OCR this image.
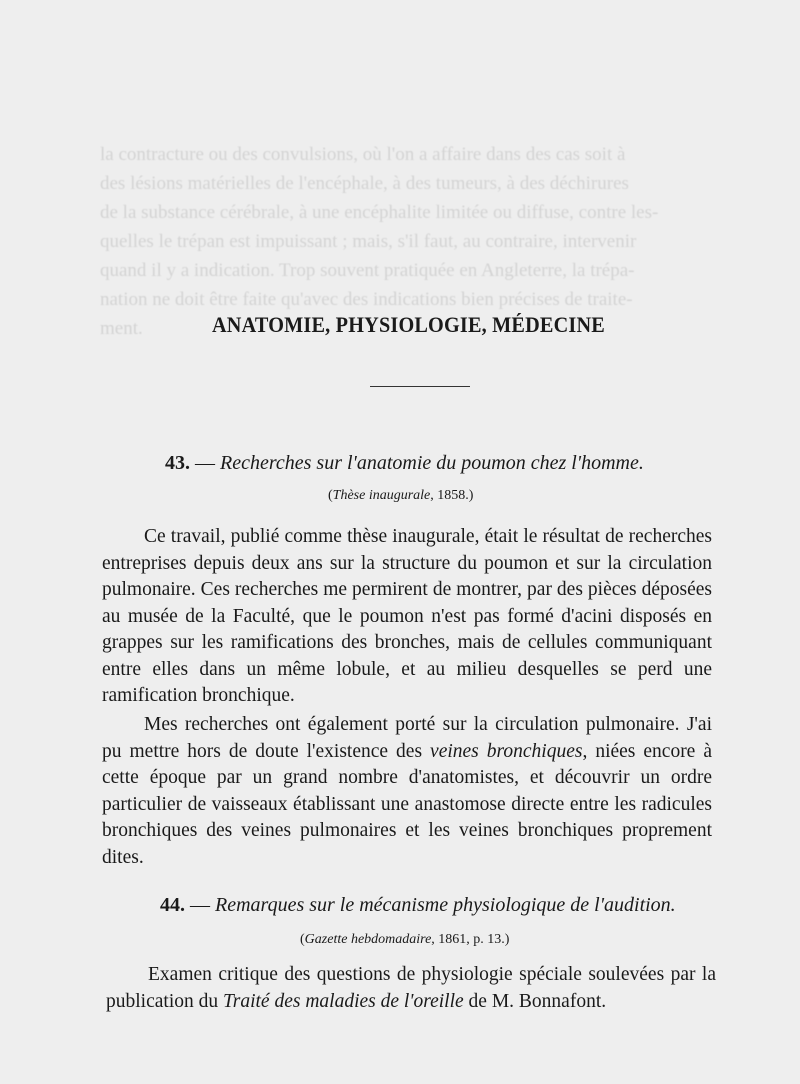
la contracture ou des convulsions, où l'on a affaire dans des cas soit à
des lésions matérielles de l'encéphale, à des tumeurs, à des déchirures
de la substance cérébrale, à une encéphalite limitée ou diffuse, contre les-
quelles le trépan est impuissant ; mais, s'il faut, au contraire, intervenir
quand il y a indication. Trop souvent pratiquée en Angleterre, la trépa-
nation ne doit être faite qu'avec des indications bien précises de traite-
ment.	ANATOMIE, PHYSIOLOGIE, MÉDECINE
43. — Recherches sur l'anatomie du poumon chez l'homme.
(Thèse inaugurale, 1858.)
Ce travail, publié comme thèse inaugurale, était le résultat de recherches entreprises depuis deux ans sur la structure du poumon et sur la circulation pulmonaire. Ces recherches me permirent de montrer, par des pièces déposées au musée de la Faculté, que le poumon n'est pas formé d'acini disposés en grappes sur les ramifications des bronches, mais de cellules communiquant entre elles dans un même lobule, et au milieu desquelles se perd une ramification bronchique.
Mes recherches ont également porté sur la circulation pulmonaire. J'ai pu mettre hors de doute l'existence des veines bronchiques, niées encore à cette époque par un grand nombre d'anatomistes, et découvrir un ordre particulier de vaisseaux établissant une anastomose directe entre les radicules bronchiques des veines pulmonaires et les veines bronchiques proprement dites.
44. — Remarques sur le mécanisme physiologique de l'audition.
(Gazette hebdomadaire, 1861, p. 13.)
Examen critique des questions de physiologie spéciale soulevées par la publication du Traité des maladies de l'oreille de M. Bonnafont.
